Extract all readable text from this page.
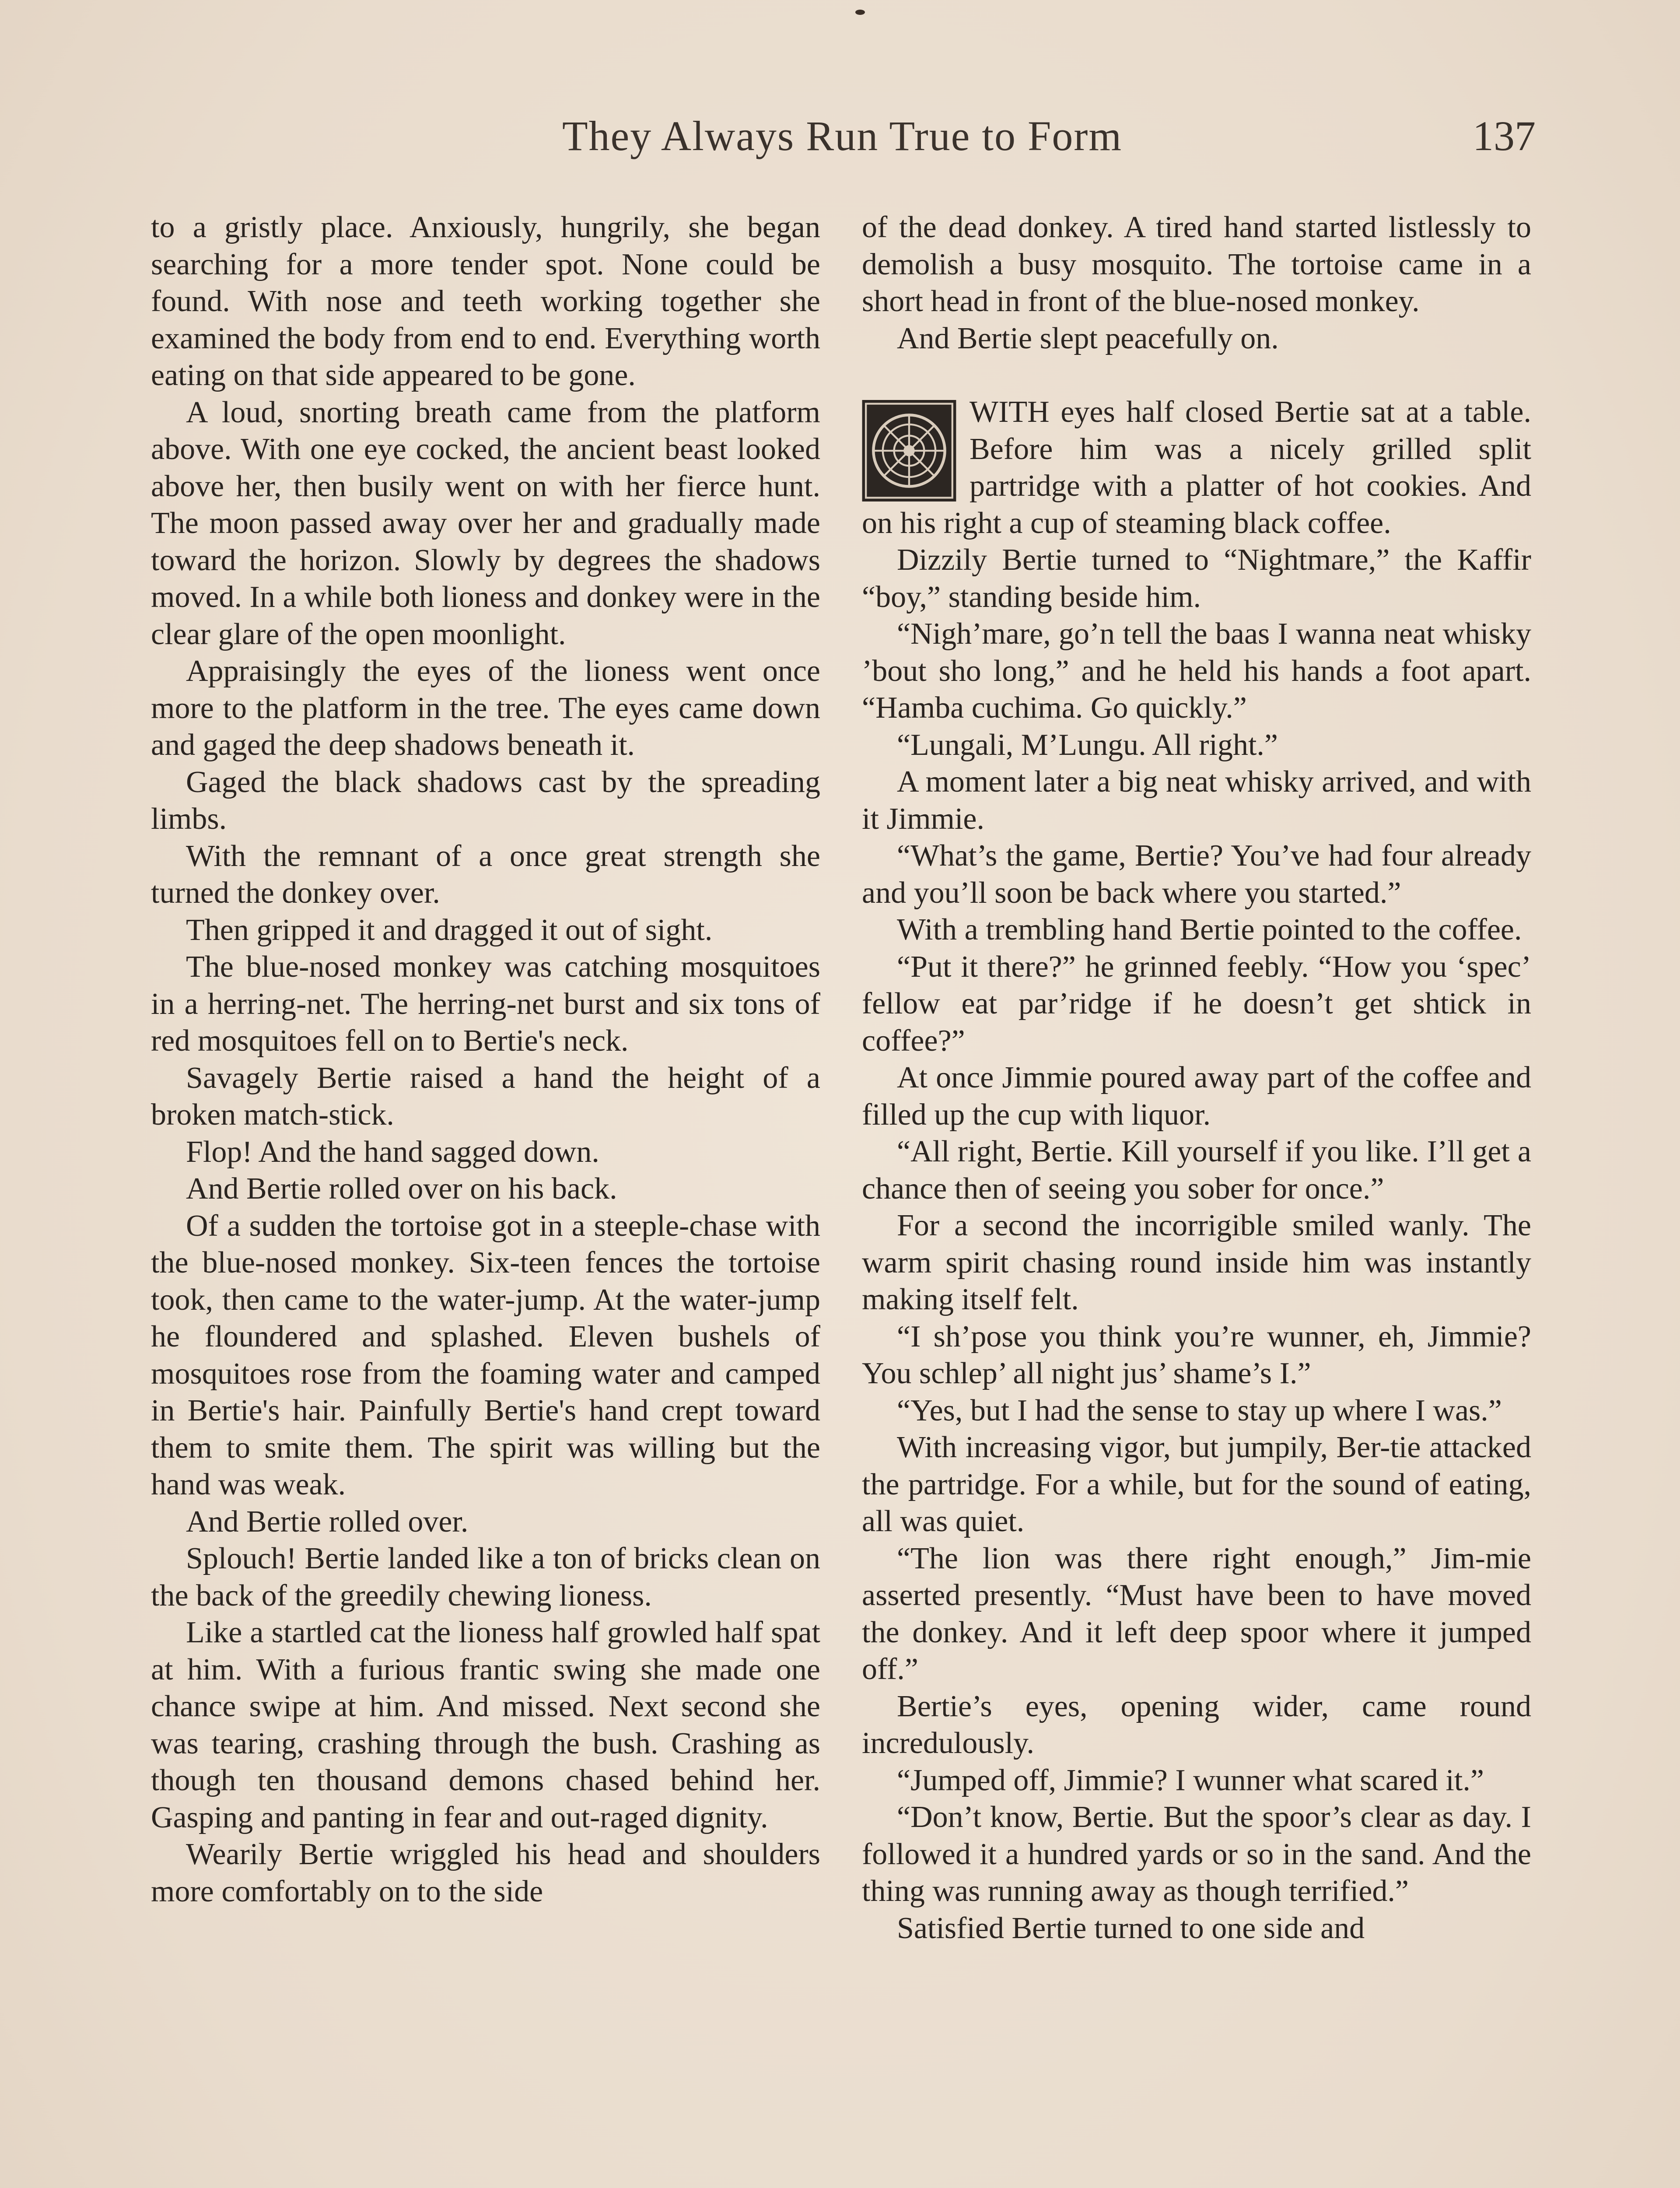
They Always Run True to Form	137

to a gristly place. Anxiously, hungrily, she began searching for a more tender spot. None could be found. With nose and teeth working together she examined the body from end to end. Everything worth eating on that side appeared to be gone.

A loud, snorting breath came from the platform above. With one eye cocked, the ancient beast looked above her, then busily went on with her fierce hunt. The moon passed away over her and gradually made toward the horizon. Slowly by degrees the shadows moved. In a while both lioness and donkey were in the clear glare of the open moonlight.

Appraisingly the eyes of the lioness went once more to the platform in the tree. The eyes came down and gaged the deep shadows beneath it.

Gaged the black shadows cast by the spreading limbs.

With the remnant of a once great strength she turned the donkey over.

Then gripped it and dragged it out of sight.

The blue-nosed monkey was catching mosquitoes in a herring-net. The herring-net burst and six tons of red mosquitoes fell on to Bertie's neck.

Savagely Bertie raised a hand the height of a broken match-stick.

Flop! And the hand sagged down.

And Bertie rolled over on his back.

Of a sudden the tortoise got in a steeple-chase with the blue-nosed monkey. Six-teen fences the tortoise took, then came to the water-jump. At the water-jump he floundered and splashed. Eleven bushels of mosquitoes rose from the foaming water and camped in Bertie's hair. Painfully Bertie's hand crept toward them to smite them. The spirit was willing but the hand was weak.

And Bertie rolled over.

Splouch! Bertie landed like a ton of bricks clean on the back of the greedily chewing lioness.

Like a startled cat the lioness half growled half spat at him. With a furious frantic swing she made one chance swipe at him. And missed. Next second she was tearing, crashing through the bush. Crashing as though ten thousand demons chased behind her. Gasping and panting in fear and out-raged dignity.

Wearily Bertie wriggled his head and shoulders more comfortably on to the side

of the dead donkey. A tired hand started listlessly to demolish a busy mosquito. The tortoise came in a short head in front of the blue-nosed monkey.

And Bertie slept peacefully on.

WITH eyes half closed Bertie sat at a table. Before him was a nicely grilled split partridge with a platter of hot cookies. And on his right a cup of steaming black coffee.

Dizzily Bertie turned to “Nightmare,” the Kaffir “boy,” standing beside him.

“Nigh’mare, go’n tell the baas I wanna neat whisky ’bout sho long,” and he held his hands a foot apart. “Hamba cuchima. Go quickly.”

“Lungali, M’Lungu. All right.”

A moment later a big neat whisky arrived, and with it Jimmie.

“What’s the game, Bertie? You’ve had four already and you’ll soon be back where you started.”

With a trembling hand Bertie pointed to the coffee.

“Put it there?” he grinned feebly. “How you ‘spec’ fellow eat par’ridge if he doesn’t get shtick in coffee?”

At once Jimmie poured away part of the coffee and filled up the cup with liquor.

“All right, Bertie. Kill yourself if you like. I’ll get a chance then of seeing you sober for once.”

For a second the incorrigible smiled wanly. The warm spirit chasing round inside him was instantly making itself felt.

“I sh’pose you think you’re wunner, eh, Jimmie? You schlep’ all night jus’ shame’s I.”

“Yes, but I had the sense to stay up where I was.”

With increasing vigor, but jumpily, Ber-tie attacked the partridge. For a while, but for the sound of eating, all was quiet.

“The lion was there right enough,” Jim-mie asserted presently. “Must have been to have moved the donkey. And it left deep spoor where it jumped off.”

Bertie’s eyes, opening wider, came round incredulously.

“Jumped off, Jimmie? I wunner what scared it.”

“Don’t know, Bertie. But the spoor’s clear as day. I followed it a hundred yards or so in the sand. And the thing was running away as though terrified.”

Satisfied Bertie turned to one side and
